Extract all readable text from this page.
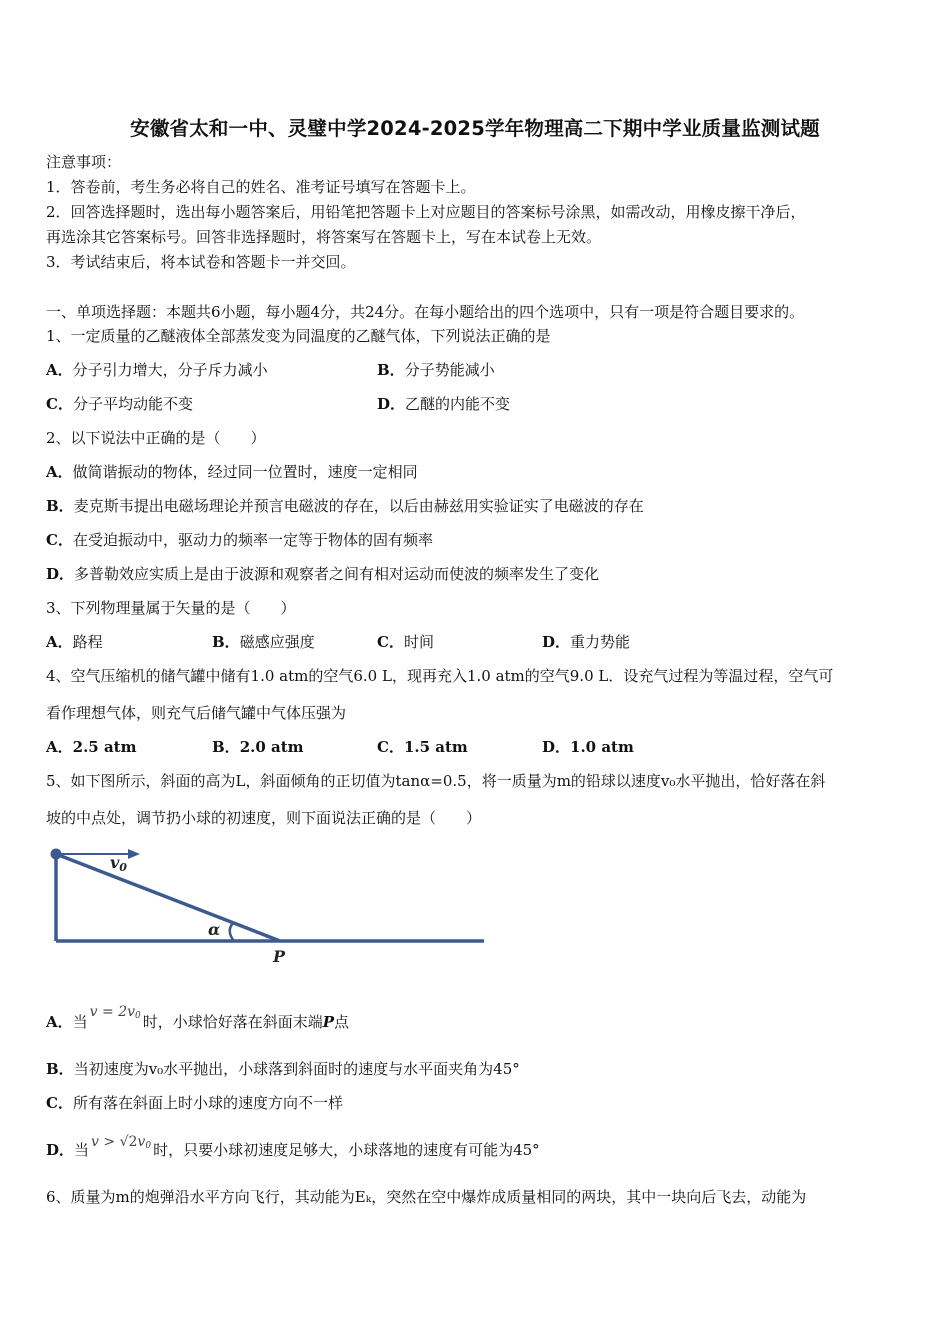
安徽省太和一中、灵璧中学2024-2025学年物理高二下期中学业质量监测试题
注意事项：
1．答卷前，考生务必将自己的姓名、准考证号填写在答题卡上。
2．回答选择题时，选出每小题答案后，用铅笔把答题卡上对应题目的答案标号涂黑，如需改动，用橡皮擦干净后，
再选涂其它答案标号。回答非选择题时，将答案写在答题卡上，写在本试卷上无效。
3．考试结束后，将本试卷和答题卡一并交回。
一、单项选择题：本题共6小题，每小题4分，共24分。在每小题给出的四个选项中，只有一项是符合题目要求的。
1、一定质量的乙醚液体全部蒸发变为同温度的乙醚气体，下列说法正确的是
A．分子引力增大，分子斥力减小	B．分子势能减小
C．分子平均动能不变	D．乙醚的内能不变
2、以下说法中正确的是（　　）
A．做简谐振动的物体，经过同一位置时，速度一定相同
B．麦克斯韦提出电磁场理论并预言电磁波的存在，以后由赫兹用实验证实了电磁波的存在
C．在受迫振动中，驱动力的频率一定等于物体的固有频率
D．多普勒效应实质上是由于波源和观察者之间有相对运动而使波的频率发生了变化
3、下列物理量属于矢量的是（　　）
A．路程	B．磁感应强度	C．时间	D．重力势能
4、空气压缩机的储气罐中储有1.0 atm的空气6.0 L，现再充入1.0 atm的空气9.0 L．设充气过程为等温过程，空气可
看作理想气体，则充气后储气罐中气体压强为
A．2.5 atm	B．2.0 atm	C．1.5 atm	D．1.0 atm
5、如下图所示，斜面的高为L，斜面倾角的正切值为tanα=0.5，将一质量为m的铅球以速度v₀水平抛出，恰好落在斜
坡的中点处，调节扔小球的初速度，则下面说法正确的是（　　）
v0
α
P
A．当$v = 2v_0$ 时，小球恰好落在斜面末端P点
B．当初速度为v₀水平抛出，小球落到斜面时的速度与水平面夹角为45°
C．所有落在斜面上时小球的速度方向不一样
D．当 $v > √2v_0$ 时，只要小球初速度足够大，小球落地的速度有可能为45°
6、质量为m的炮弹沿水平方向飞行，其动能为Eₖ，突然在空中爆炸成质量相同的两块，其中一块向后飞去，动能为
